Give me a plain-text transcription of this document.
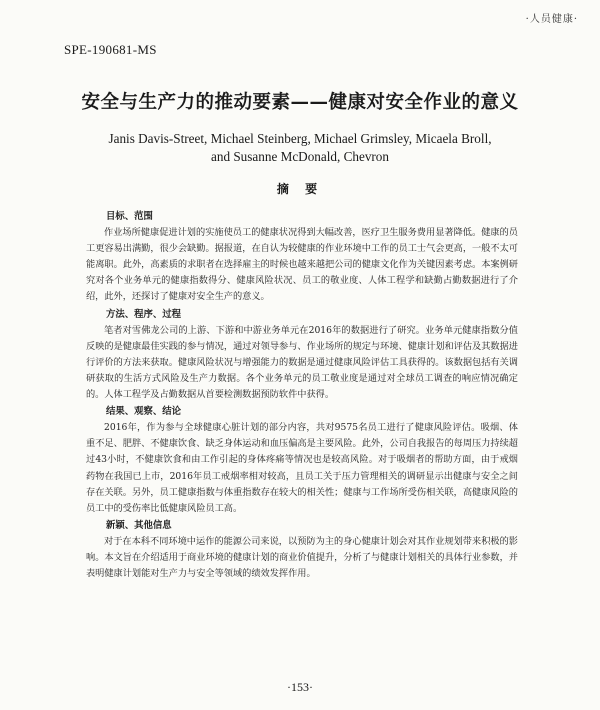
·人员健康·
SPE-190681-MS
安全与生产力的推动要素——健康对安全作业的意义
Janis Davis-Street, Michael Steinberg, Michael Grimsley, Micaela Broll,
and Susanne McDonald, Chevron
摘 要
目标、范围
作业场所健康促进计划的实施使员工的健康状况得到大幅改善，医疗卫生服务费用显著降低。健康的员工更容易出满勤，很少会缺勤。据报道，在自认为较健康的作业环境中工作的员工士气会更高，一般不太可能离职。此外，高素质的求职者在选择雇主的时候也越来越把公司的健康文化作为关键因素考虑。本案例研究对各个业务单元的健康指数得分、健康风险状况、员工的敬业度、人体工程学和缺勤占勤数据进行了介绍，此外，还探讨了健康对安全生产的意义。
方法、程序、过程
笔者对雪佛龙公司的上游、下游和中游业务单元在2016年的数据进行了研究。业务单元健康指数分值反映的是健康最佳实践的参与情况，通过对领导参与、作业场所的规定与环境、健康计划和评估及其数据进行评价的方法来获取。健康风险状况与增强能力的数据是通过健康风险评估工具获得的。该数据包括有关调研获取的生活方式风险及生产力数据。各个业务单元的员工敬业度是通过对全球员工调查的响应情况确定的。人体工程学及占勤数据从首要检测数据预防软件中获得。
结果、观察、结论
2016年，作为参与全球健康心脏计划的部分内容，共对9575名员工进行了健康风险评估。吸烟、体重不足、肥胖、不健康饮食、缺乏身体运动和血压偏高是主要风险。此外，公司自我报告的每周压力持续超过43小时，不健康饮食和由工作引起的身体疼痛等情况也是较高风险。对于吸烟者的帮助方面，由于戒烟药物在我国已上市，2016年员工戒烟率相对较高，且员工关于压力管理相关的调研显示出健康与安全之间存在关联。另外，员工健康指数与体重指数存在较大的相关性；健康与工作场所受伤相关联，高健康风险的员工中的受伤率比低健康风险员工高。
新颖、其他信息
对于在本科不同环境中运作的能源公司来说，以预防为主的身心健康计划会对其作业规划带来积极的影响。本文旨在介绍适用于商业环境的健康计划的商业价值提升，分析了与健康计划相关的具体行业参数，并表明健康计划能对生产力与安全等领域的绩效发挥作用。
·153·
